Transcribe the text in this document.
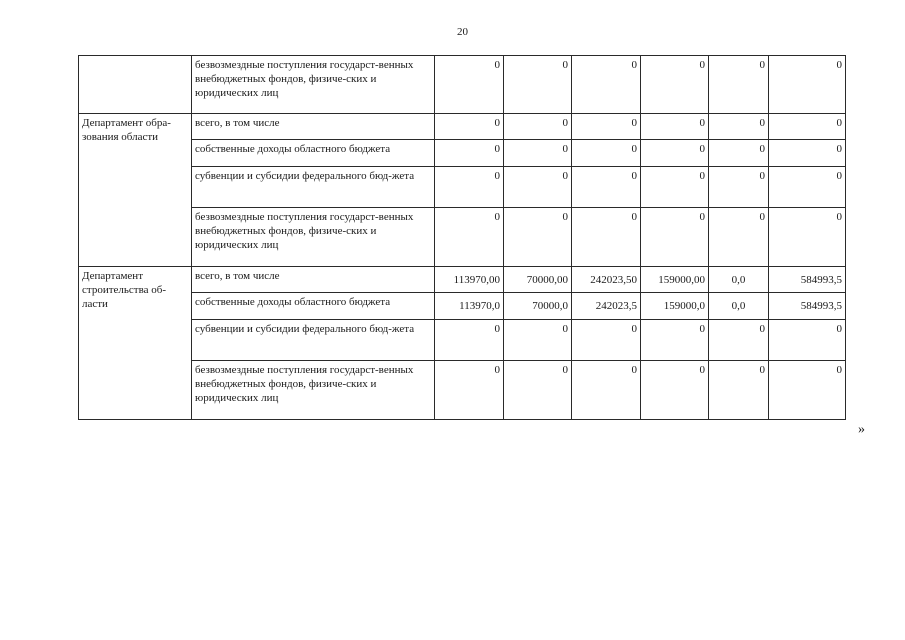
20
	безвозмездные поступления государст-венных внебюджетных фондов, физиче-ских и юридических лиц	0	0	0	0	0	0
Департамент обра-зования области	всего, в том числе	0	0	0	0	0	0
	собственные доходы областного бюджета	0	0	0	0	0	0
	субвенции и субсидии федерального бюд-жета	0	0	0	0	0	0
	безвозмездные поступления государст-венных внебюджетных фондов, физиче-ских и юридических лиц	0	0	0	0	0	0
Департамент строительства об-ласти	всего, в том числе	113970,00	70000,00	242023,50	159000,00	0,0	584993,5
	собственные доходы областного бюджета	113970,0	70000,0	242023,5	159000,0	0,0	584993,5
	субвенции и субсидии федерального бюд-жета	0	0	0	0	0	0
	безвозмездные поступления государст-венных внебюджетных фондов, физиче-ских и юридических лиц	0	0	0	0	0	0
»
